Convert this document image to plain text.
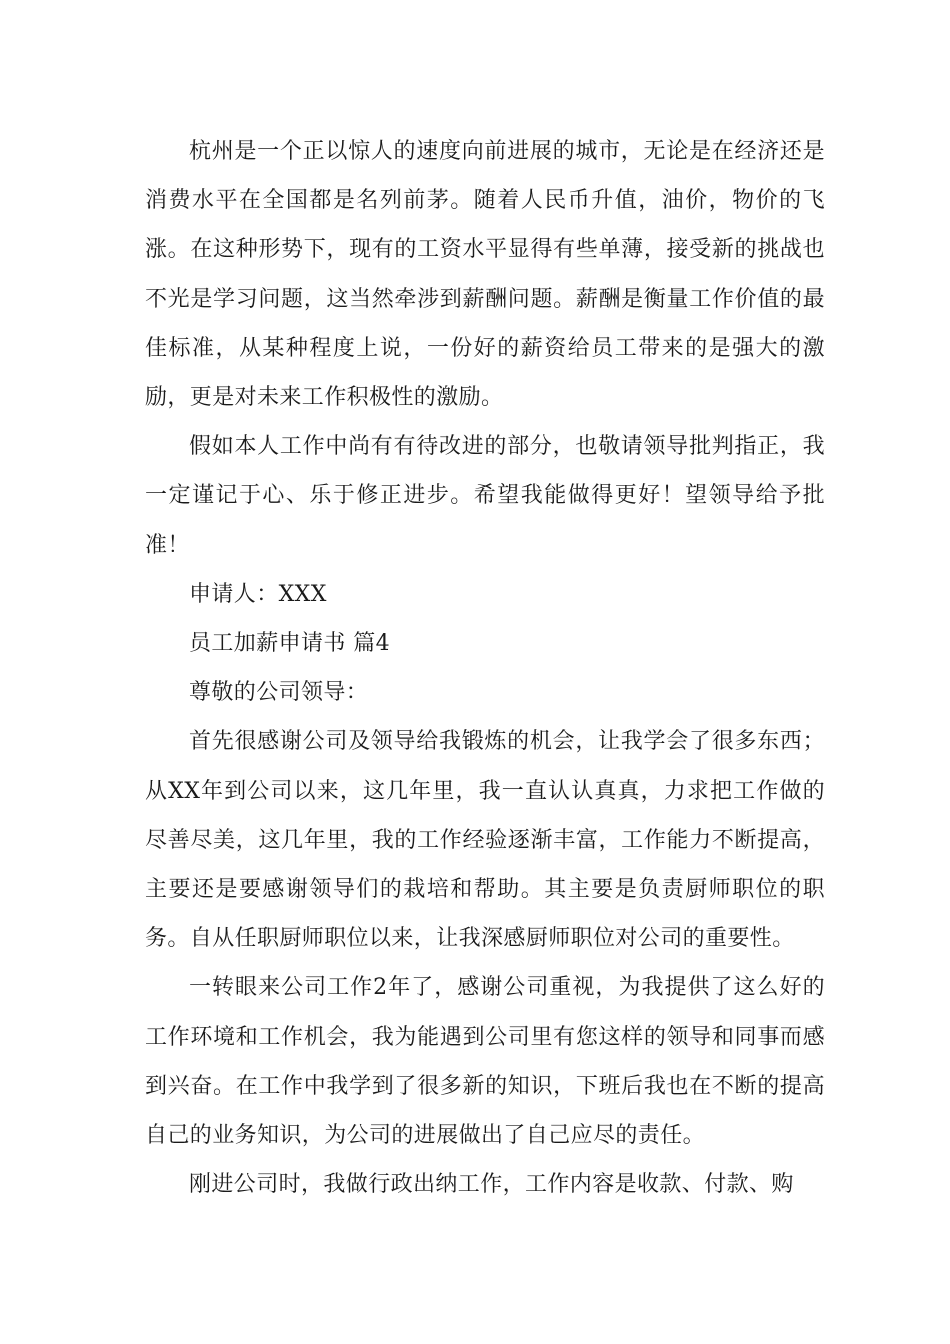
杭州是一个正以惊人的速度向前进展的城市，无论是在经济还是消费水平在全国都是名列前茅。随着人民币升值，油价，物价的飞涨。在这种形势下，现有的工资水平显得有些单薄，接受新的挑战也不光是学习问题，这当然牵涉到薪酬问题。薪酬是衡量工作价值的最佳标准，从某种程度上说，一份好的薪资给员工带来的是强大的激励，更是对未来工作积极性的激励。

假如本人工作中尚有有待改进的部分，也敬请领导批判指正，我一定谨记于心、乐于修正进步。希望我能做得更好！望领导给予批准！

申请人：XXX

员工加薪申请书 篇4

尊敬的公司领导：

首先很感谢公司及领导给我锻炼的机会，让我学会了很多东西；从XX年到公司以来，这几年里，我一直认认真真，力求把工作做的尽善尽美，这几年里，我的工作经验逐渐丰富，工作能力不断提高，主要还是要感谢领导们的栽培和帮助。其主要是负责厨师职位的职务。自从任职厨师职位以来，让我深感厨师职位对公司的重要性。

一转眼来公司工作2年了，感谢公司重视，为我提供了这么好的工作环境和工作机会，我为能遇到公司里有您这样的领导和同事而感到兴奋。在工作中我学到了很多新的知识，下班后我也在不断的提高自己的业务知识，为公司的进展做出了自己应尽的责任。

刚进公司时，我做行政出纳工作，工作内容是收款、付款、购
